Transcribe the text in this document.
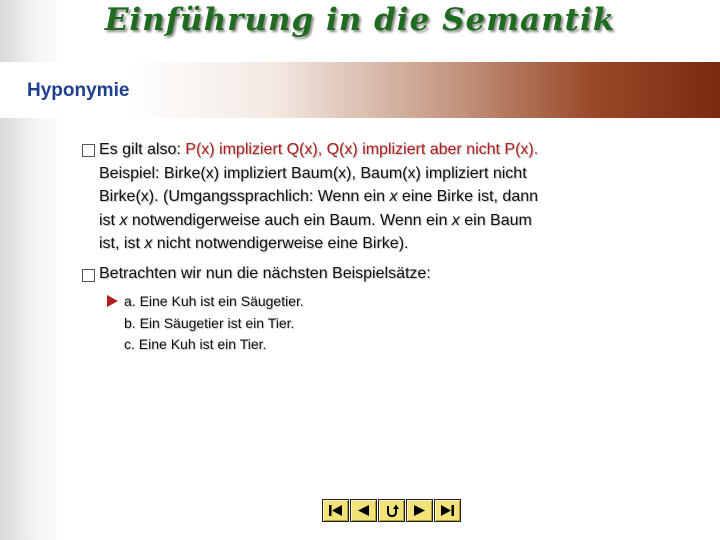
Einführung in die Semantik
Hyponymie
Es gilt also: P(x) impliziert Q(x), Q(x) impliziert aber nicht P(x).
Beispiel: Birke(x) impliziert Baum(x), Baum(x) impliziert nicht
Birke(x). (Umgangssprachlich: Wenn ein x eine Birke ist, dann
ist x notwendigerweise auch ein Baum. Wenn ein x ein Baum
ist, ist x nicht notwendigerweise eine Birke).
Betrachten wir nun die nächsten Beispielsätze:
a. Eine Kuh ist ein Säugetier.
b. Ein Säugetier ist ein Tier.
c. Eine Kuh ist ein Tier.
